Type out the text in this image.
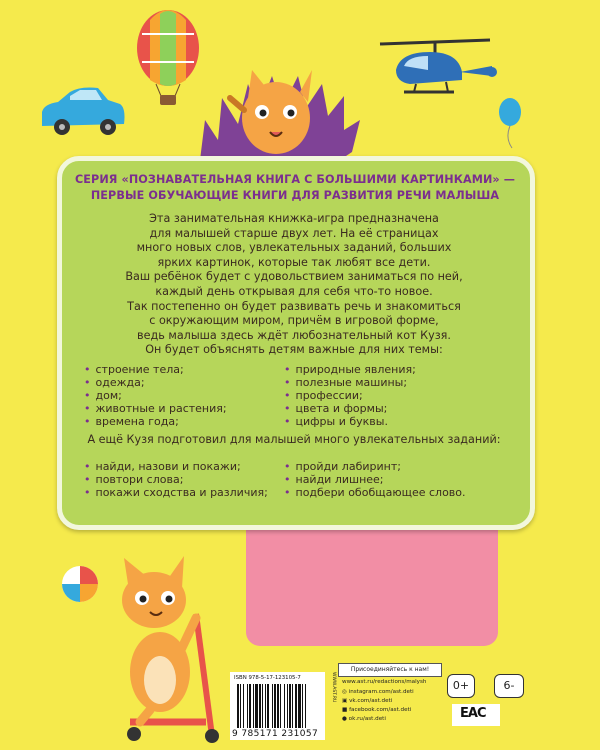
СЕРИЯ «ПОЗНАВАТЕЛЬНАЯ КНИГА С БОЛЬШИМИ КАРТИНКАМИ» —
ПЕРВЫЕ ОБУЧАЮЩИЕ КНИГИ ДЛЯ РАЗВИТИЯ РЕЧИ МАЛЫША
Эта занимательная книжка-игра предназначена
для малышей старше двух лет. На её страницах
много новых слов, увлекательных заданий, больших
ярких картинок, которые так любят все дети.
Ваш ребёнок будет с удовольствием заниматься по ней,
каждый день открывая для себя что-то новое.
Так постепенно он будет развивать речь и знакомиться
с окружающим миром, причём в игровой форме,
ведь малыша здесь ждёт любознательный кот Кузя.
Он будет объяснять детям важные для них темы:
• строение тела;
• одежда;
• дом;
• животные и растения;
• времена года;
• природные явления;
• полезные машины;
• профессии;
• цвета и формы;
• цифры и буквы.
А ещё Кузя подготовил для малышей много увлекательных заданий:
• найди, назови и покажи;
• повтори слова;
• покажи сходства и различия;
• пройди лабиринт;
• найди лишнее;
• подбери обобщающее слово.
ISBN 978-5-17-123105-7
9 785171 231057
WWW.AST.RU
Присоединяйтесь к нам!
www.ast.ru/redactions/malysh
◎ instagram.com/ast.deti
▣ vk.com/ast.deti
■ facebook.com/ast.deti
● ok.ru/ast.deti
0+	6-
ЕАС
